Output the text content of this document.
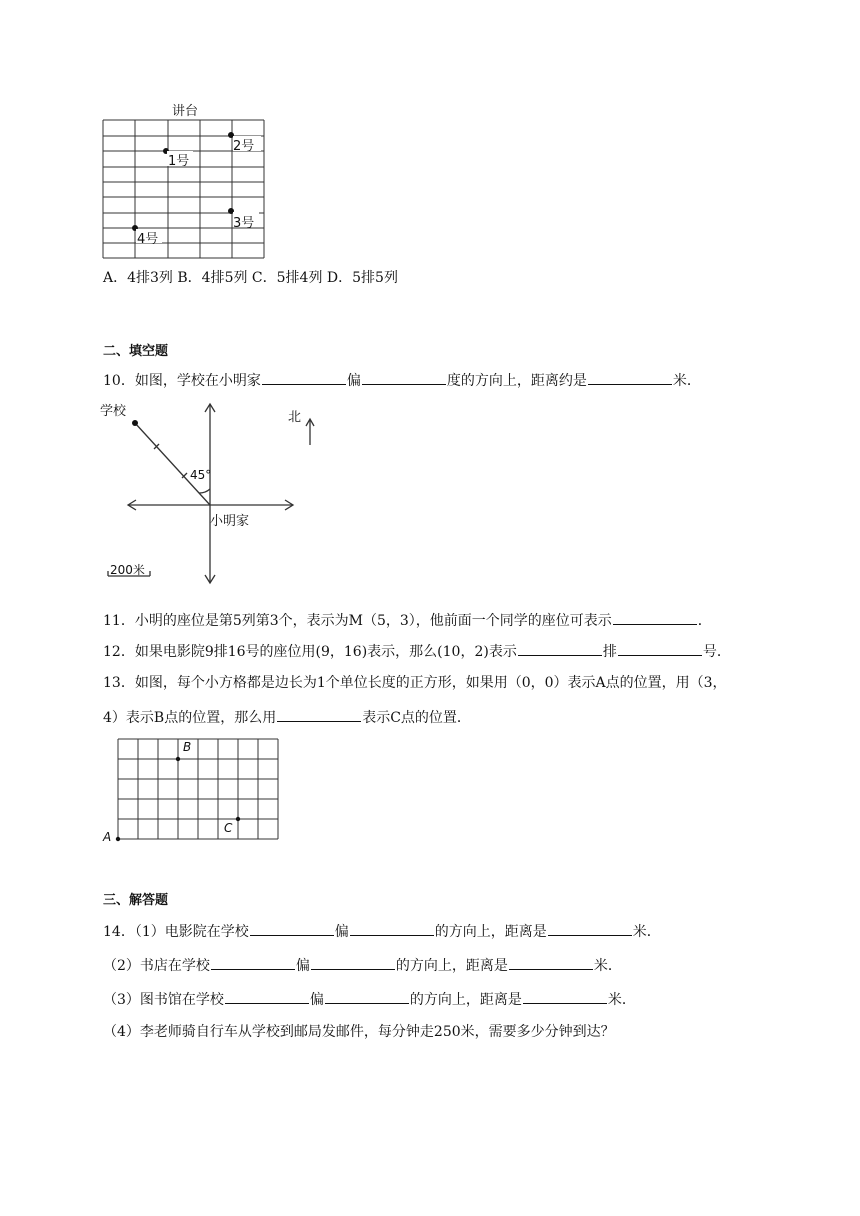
讲台
1号
2号
3号
4号
A．4排3列 B．4排5列 C．5排4列 D．5排5列
二、填空题
10．如图，学校在小明家	偏	度的方向上，距离约是	米．
学校	北
45°
小明家
200米
11．小明的座位是第5列第3个，表示为M（5，3），他前面一个同学的座位可表示	．
12．如果电影院9排16号的座位用(9，16)表示，那么(10，2)表示	排	号．
13．如图，每个小方格都是边长为1个单位长度的正方形，如果用（0，0）表示A点的位置，用（3，
4）表示B点的位置，那么用	表示C点的位置．
A
B
C
三、解答题
14．（1）电影院在学校	偏	的方向上，距离是	米．
（2）书店在学校	偏	的方向上，距离是	米．
（3）图书馆在学校	偏	的方向上，距离是	米．
（4）李老师骑自行车从学校到邮局发邮件，每分钟走250米，需要多少分钟到达？
